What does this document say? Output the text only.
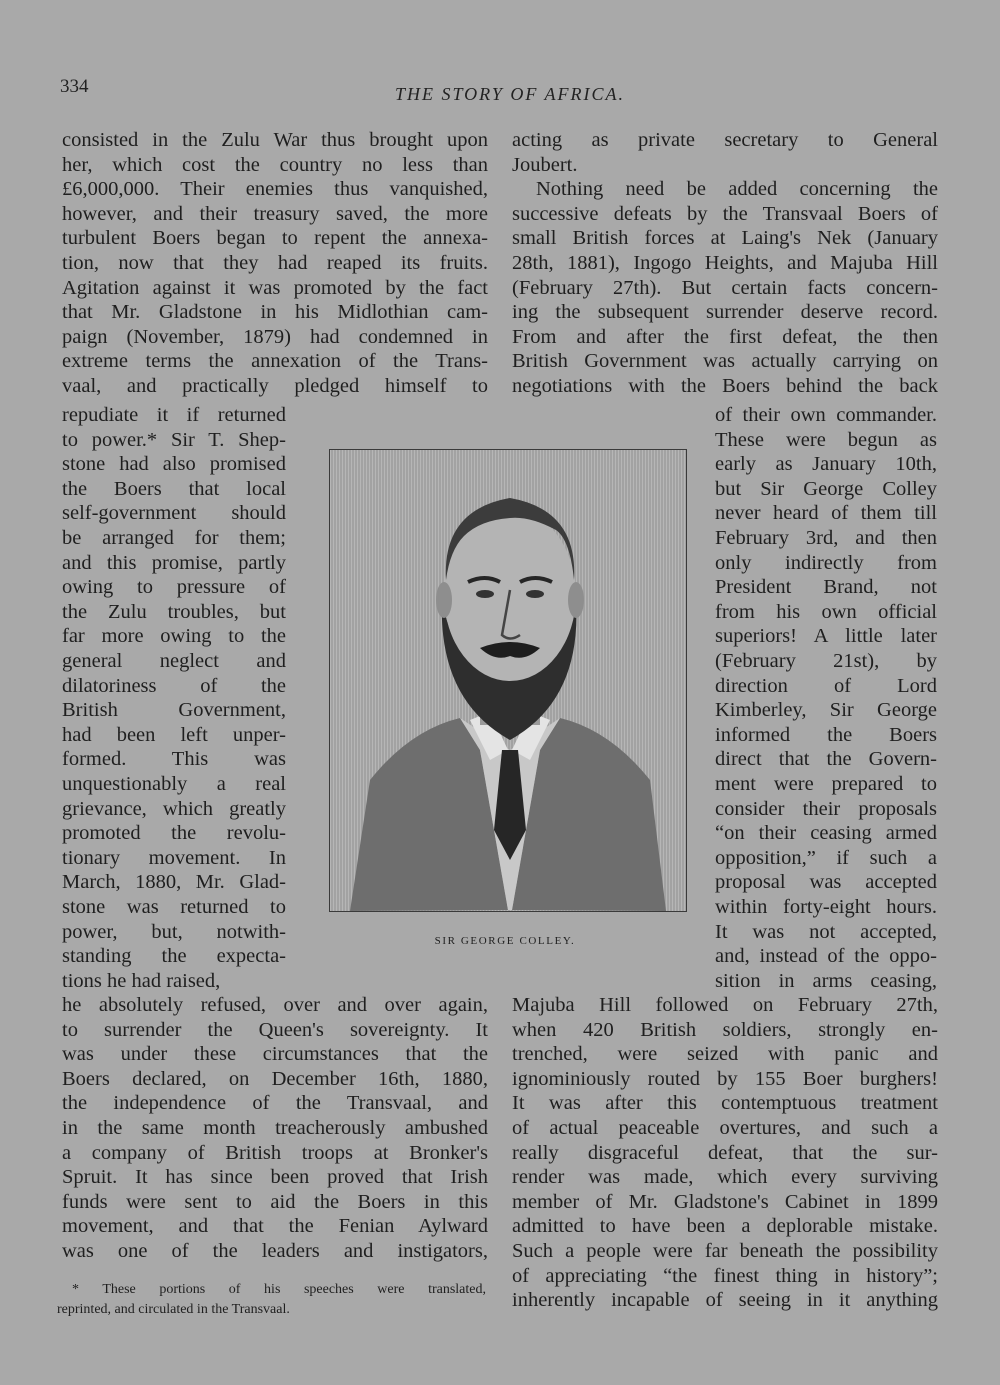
334	THE STORY OF AFRICA.
consisted in the Zulu War thus brought upon
her, which cost the country no less than
£6,000,000. Their enemies thus vanquished,
however, and their treasury saved, the more
turbulent Boers began to repent the annexa-
tion, now that they had reaped its fruits.
Agitation against it was promoted by the fact
that Mr. Gladstone in his Midlothian cam-
paign (November, 1879) had condemned in
extreme terms the annexation of the Trans-
vaal, and practically pledged himself to
repudiate it if returned
to power.* Sir T. Shep-
stone had also promised
the Boers that local
self-government should
be arranged for them;
and this promise, partly
owing to pressure of
the Zulu troubles, but
far more owing to the
general neglect and
dilatoriness of the
British Government,
had been left unper-
formed. This was
unquestionably a real
grievance, which greatly
promoted the revolu-
tionary movement. In
March, 1880, Mr. Glad-
stone was returned to
power, but, notwith-
standing the expecta-
tions he had raised,
he absolutely refused, over and over again,
to surrender the Queen's sovereignty. It
was under these circumstances that the
Boers declared, on December 16th, 1880,
the independence of the Transvaal, and
in the same month treacherously ambushed
a company of British troops at Bronker's
Spruit. It has since been proved that Irish
funds were sent to aid the Boers in this
movement, and that the Fenian Aylward
was one of the leaders and instigators,
acting as private secretary to General
Joubert.
Nothing need be added concerning the
successive defeats by the Transvaal Boers of
small British forces at Laing's Nek (January
28th, 1881), Ingogo Heights, and Majuba Hill
(February 27th). But certain facts concern-
ing the subsequent surrender deserve record.
From and after the first defeat, the then
British Government was actually carrying on
negotiations with the Boers behind the back
of their own commander.
These were begun as
early as January 10th,
but Sir George Colley
never heard of them till
February 3rd, and then
only indirectly from
President Brand, not
from his own official
superiors! A little later
(February 21st), by
direction of Lord
Kimberley, Sir George
informed the Boers
direct that the Govern-
ment were prepared to
consider their proposals
“on their ceasing armed
opposition,” if such a
proposal was accepted
within forty-eight hours.
It was not accepted,
and, instead of the oppo-
sition in arms ceasing,
Majuba Hill followed on February 27th,
when 420 British soldiers, strongly en-
trenched, were seized with panic and
ignominiously routed by 155 Boer burghers!
It was after this contemptuous treatment
of actual peaceable overtures, and such a
really disgraceful defeat, that the sur-
render was made, which every surviving
member of Mr. Gladstone's Cabinet in 1899
admitted to have been a deplorable mistake.
Such a people were far beneath the possibility
of appreciating “the finest thing in history”;
inherently incapable of seeing in it anything
SIR GEORGE COLLEY.
* These portions of his speeches were translated,
reprinted, and circulated in the Transvaal.
